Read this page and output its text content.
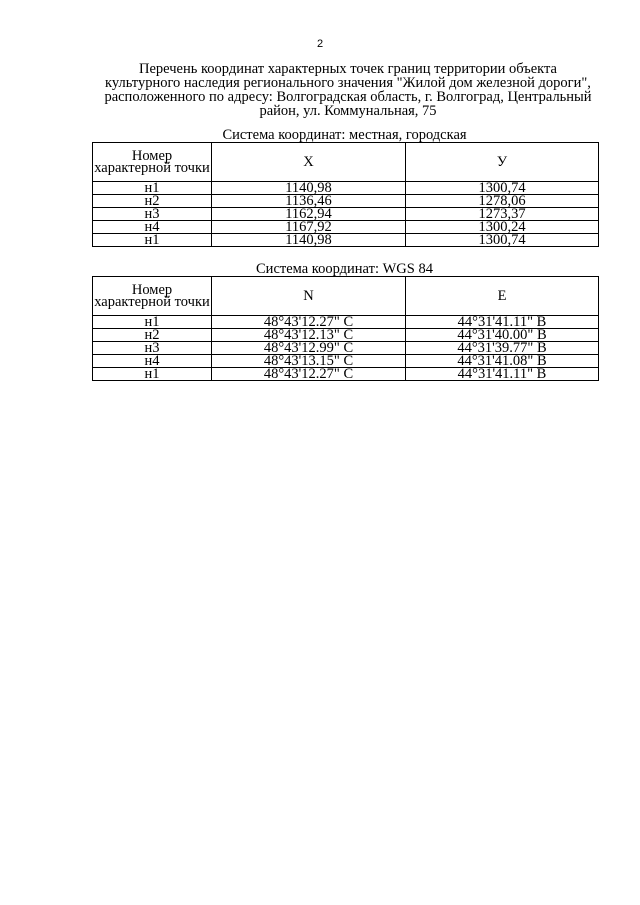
2
Перечень координат характерных точек границ территории объекта
культурного наследия регионального значения "Жилой дом железной дороги",
расположенного по адресу: Волгоградская область, г. Волгоград, Центральный
район, ул. Коммунальная, 75
Система координат: местная, городская
Номер характерной точки	X	У
н1	1140,98	1300,74
н2	1136,46	1278,06
н3	1162,94	1273,37
н4	1167,92	1300,24
н1	1140,98	1300,74
Система координат: WGS 84
Номер характерной точки	N	E
н1	48°43'12.27" С	44°31'41.11" В
н2	48°43'12.13" С	44°31'40.00" В
н3	48°43'12.99" С	44°31'39.77" В
н4	48°43'13.15" С	44°31'41.08" В
н1	48°43'12.27" С	44°31'41.11" В
